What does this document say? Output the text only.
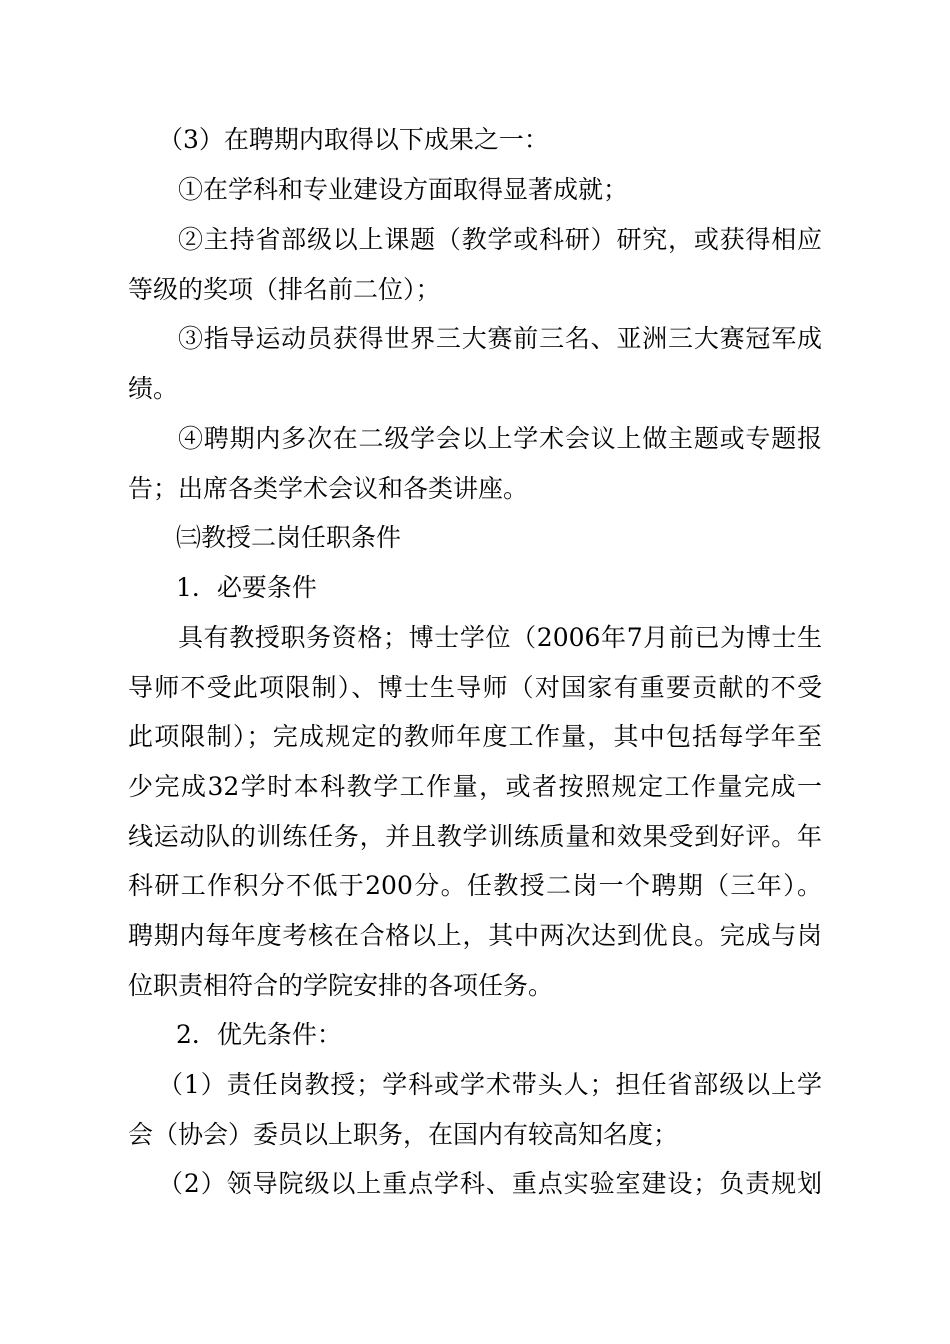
（3）在聘期内取得以下成果之一：
①在学科和专业建设方面取得显著成就；
②主持省部级以上课题（教学或科研）研究，或获得相应
等级的奖项（排名前二位）；
③指导运动员获得世界三大赛前三名、亚洲三大赛冠军成
绩。
④聘期内多次在二级学会以上学术会议上做主题或专题报
告；出席各类学术会议和各类讲座。
㈢教授二岗任职条件
1．必要条件
具有教授职务资格；博士学位（2006年7月前已为博士生
导师不受此项限制）、博士生导师（对国家有重要贡献的不受
此项限制）；完成规定的教师年度工作量，其中包括每学年至
少完成32学时本科教学工作量，或者按照规定工作量完成一
线运动队的训练任务，并且教学训练质量和效果受到好评。年
科研工作积分不低于200分。任教授二岗一个聘期（三年）。
聘期内每年度考核在合格以上，其中两次达到优良。完成与岗
位职责相符合的学院安排的各项任务。
2．优先条件：
（1）责任岗教授；学科或学术带头人；担任省部级以上学
会（协会）委员以上职务，在国内有较高知名度；
（2）领导院级以上重点学科、重点实验室建设；负责规划
